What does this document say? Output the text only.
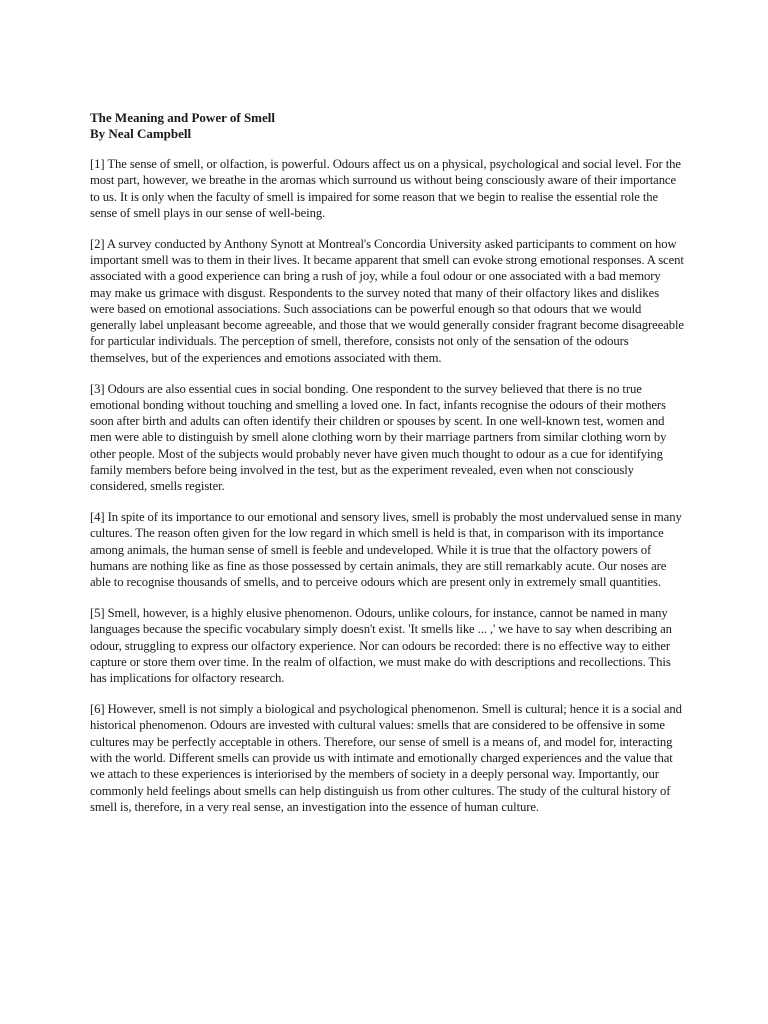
The Meaning and Power of Smell

By Neal Campbell

[1] The sense of smell, or olfaction, is powerful. Odours affect us on a physical, psychological and social level. For the most part, however, we breathe in the aromas which surround us without being consciously aware of their importance to us. It is only when the faculty of smell is impaired for some reason that we begin to realise the essential role the sense of smell plays in our sense of well-being.

[2] A survey conducted by Anthony Synott at Montreal's Concordia University asked participants to comment on how important smell was to them in their lives. It became apparent that smell can evoke strong emotional responses. A scent associated with a good experience can bring a rush of joy, while a foul odour or one associated with a bad memory may make us grimace with disgust. Respondents to the survey noted that many of their olfactory likes and dislikes were based on emotional associations. Such associations can be powerful enough so that odours that we would generally label unpleasant become agreeable, and those that we would generally consider fragrant become disagreeable for particular individuals. The perception of smell, therefore, consists not only of the sensation of the odours themselves, but of the experiences and emotions associated with them.

[3] Odours are also essential cues in social bonding. One respondent to the survey believed that there is no true emotional bonding without touching and smelling a loved one. In fact, infants recognise the odours of their mothers soon after birth and adults can often identify their children or spouses by scent. In one well-known test, women and men were able to distinguish by smell alone clothing worn by their marriage partners from similar clothing worn by other people. Most of the subjects would probably never have given much thought to odour as a cue for identifying family members before being involved in the test, but as the experiment revealed, even when not consciously considered, smells register.

[4] In spite of its importance to our emotional and sensory lives, smell is probably the most undervalued sense in many cultures. The reason often given for the low regard in which smell is held is that, in comparison with its importance among animals, the human sense of smell is feeble and undeveloped. While it is true that the olfactory powers of humans are nothing like as fine as those possessed by certain animals, they are still remarkably acute. Our noses are able to recognise thousands of smells, and to perceive odours which are present only in extremely small quantities.

[5] Smell, however, is a highly elusive phenomenon. Odours, unlike colours, for instance, cannot be named in many languages because the specific vocabulary simply doesn't exist. 'It smells like ... ,' we have to say when describing an odour, struggling to express our olfactory experience. Nor can odours be recorded: there is no effective way to either capture or store them over time. In the realm of olfaction, we must make do with descriptions and recollections. This has implications for olfactory research.

[6] However, smell is not simply a biological and psychological phenomenon. Smell is cultural; hence it is a social and historical phenomenon. Odours are invested with cultural values: smells that are considered to be offensive in some cultures may be perfectly acceptable in others. Therefore, our sense of smell is a means of, and model for, interacting with the world. Different smells can provide us with intimate and emotionally charged experiences and the value that we attach to these experiences is interiorised by the members of society in a deeply personal way. Importantly, our commonly held feelings about smells can help distinguish us from other cultures. The study of the cultural history of smell is, therefore, in a very real sense, an investigation into the essence of human culture.
